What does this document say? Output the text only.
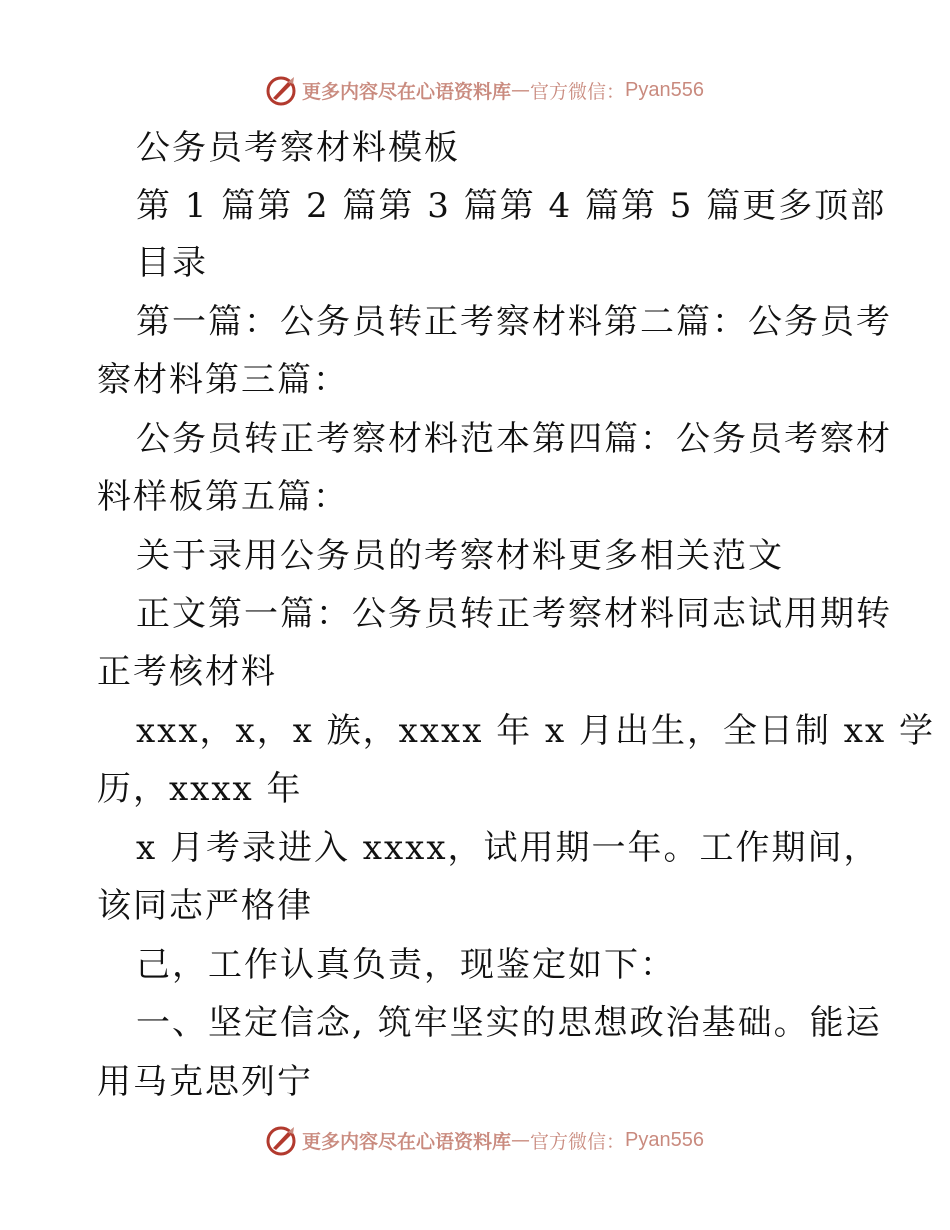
更多内容尽在心语资料库 — 官方微信： Pyan556
公务员考察材料模板
第 1 篇第 2 篇第 3 篇第 4 篇第 5 篇更多顶部
目录
第一篇：公务员转正考察材料第二篇：公务员考
察材料第三篇：
公务员转正考察材料范本第四篇：公务员考察材
料样板第五篇：
关于录用公务员的考察材料更多相关范文
正文第一篇：公务员转正考察材料同志试用期转
正考核材料
xxx，x，x 族，xxxx 年 x 月出生，全日制 xx 学
历，xxxx 年
x 月考录进入 xxxx，试用期一年。工作期间，
该同志严格律
己，工作认真负责，现鉴定如下：
一、坚定信念, 筑牢坚实的思想政治基础。能运
用马克思列宁
更多内容尽在心语资料库 — 官方微信： Pyan556
